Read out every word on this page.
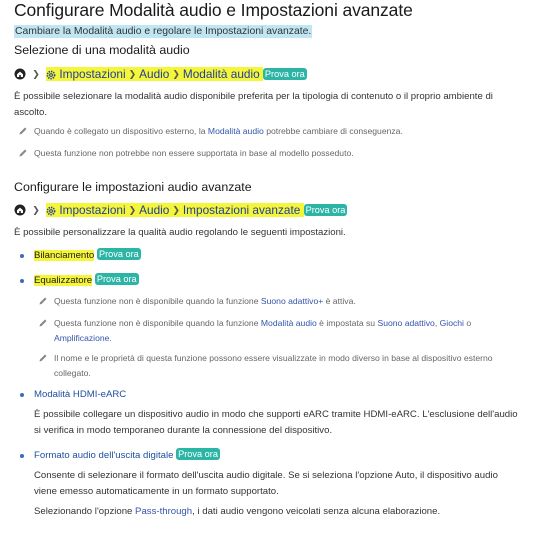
Configurare Modalità audio e Impostazioni avanzate
Cambiare la Modalità audio e regolare le Impostazioni avanzate.
Selezione di una modalità audio
❯ Impostazioni ❯ Audio ❯ Modalità audio Prova ora
È possibile selezionare la modalità audio disponibile preferita per la tipologia di contenuto o il proprio ambiente di
ascolto.
Quando è collegato un dispositivo esterno, la Modalità audio potrebbe cambiare di conseguenza.
Questa funzione non potrebbe non essere supportata in base al modello posseduto.
Configurare le impostazioni audio avanzate
❯ Impostazioni ❯ Audio ❯ Impostazioni avanzate Prova ora
È possibile personalizzare la qualità audio regolando le seguenti impostazioni.
Bilanciamento Prova ora
Equalizzatore Prova ora
Questa funzione non è disponibile quando la funzione Suono adattivo+ è attiva.
Questa funzione non è disponibile quando la funzione Modalità audio è impostata su Suono adattivo, Giochi o
Amplificazione.
Il nome e le proprietà di questa funzione possono essere visualizzate in modo diverso in base al dispositivo esterno
collegato.
Modalità HDMI-eARC
È possibile collegare un dispositivo audio in modo che supporti eARC tramite HDMI-eARC. L'esclusione dell'audio
si verifica in modo temporaneo durante la connessione del dispositivo.
Formato audio dell'uscita digitale Prova ora
Consente di selezionare il formato dell'uscita audio digitale. Se si seleziona l'opzione Auto, il dispositivo audio
viene emesso automaticamente in un formato supportato.
Selezionando l'opzione Pass-through, i dati audio vengono veicolati senza alcuna elaborazione.
